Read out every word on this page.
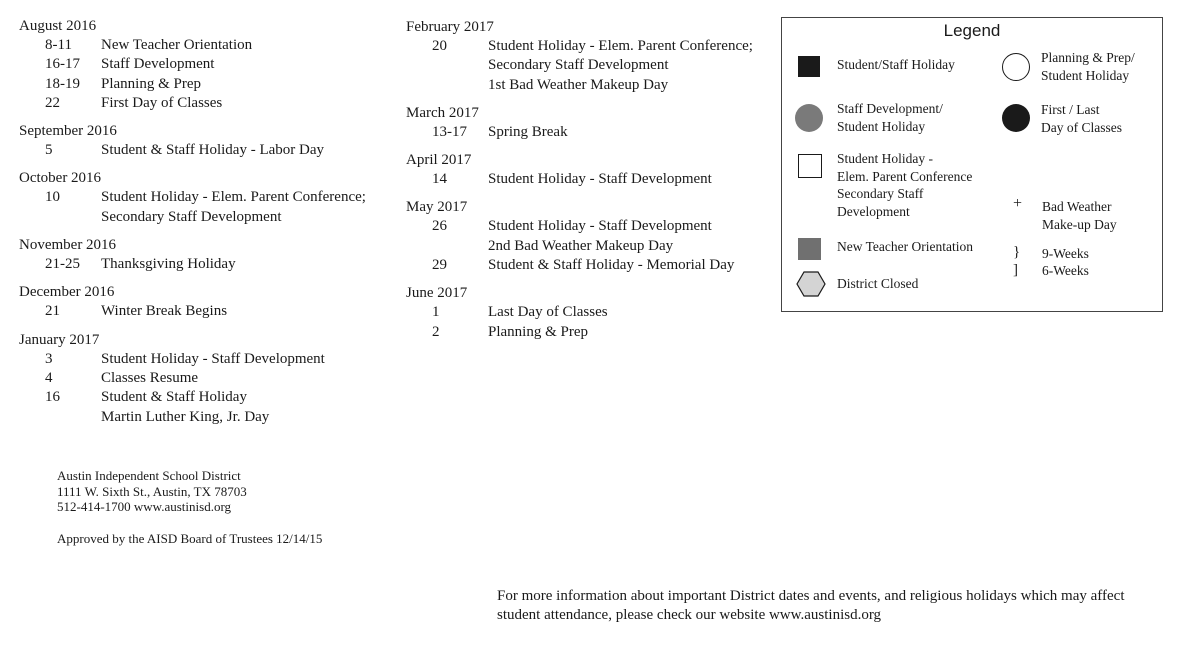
August 2016
8-11	New Teacher Orientation
16-17	Staff Development
18-19	Planning & Prep
22	First Day of Classes
September 2016
5	Student & Staff Holiday - Labor Day
October 2016
10	Student Holiday - Elem. Parent Conference;
Secondary Staff Development
November 2016
21-25	Thanksgiving Holiday
December 2016
21	Winter Break Begins
January 2017
3	Student Holiday - Staff Development
4	Classes Resume
16	Student & Staff Holiday
Martin Luther King, Jr. Day
February 2017
20	Student Holiday - Elem. Parent Conference;
Secondary Staff Development
1st Bad Weather Makeup Day
March 2017
13-17	Spring Break
April 2017
14	Student Holiday - Staff Development
May 2017
26	Student Holiday - Staff Development
2nd Bad Weather Makeup Day
29	Student & Staff Holiday - Memorial Day
June 2017
1	Last Day of Classes
2	Planning & Prep
Austin Independent School District
1111 W. Sixth St., Austin, TX 78703
512-414-1700 www.austinisd.org
Approved by the AISD Board of Trustees 12/14/15
For more information about important District dates and events, and religious holidays which may affect student attendance, please check our website www.austinisd.org
Legend
Student/Staff Holiday	Planning & Prep/
Student Holiday
Staff Development/
Student Holiday
First / Last
Day of Classes
Student Holiday -
Elem. Parent Conference
Secondary Staff
Development	+ Bad Weather
Make-up Day
New Teacher Orientation	} 9-Weeks
] 6-Weeks
District Closed
